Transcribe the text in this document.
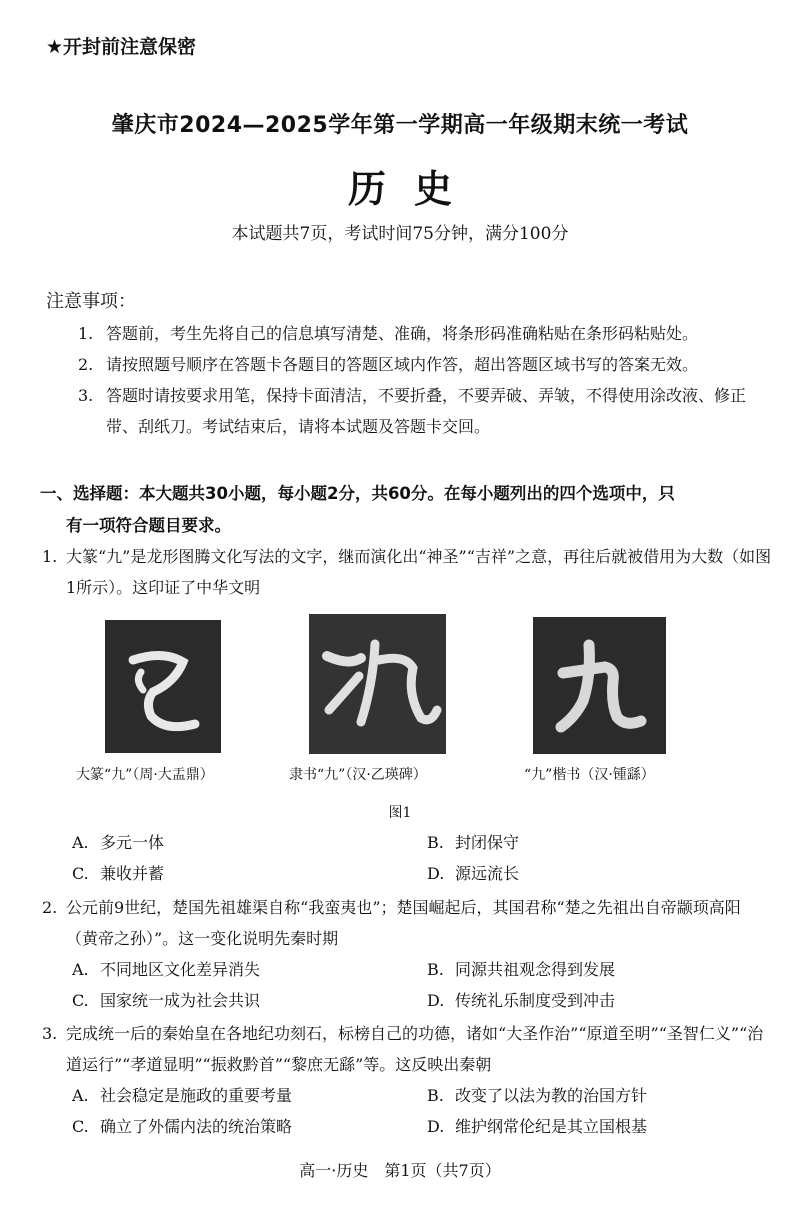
★开封前注意保密
肇庆市2024—2025学年第一学期高一年级期末统一考试
历史
本试题共7页，考试时间75分钟，满分100分
注意事项：
1. 答题前，考生先将自己的信息填写清楚、准确，将条形码准确粘贴在条形码粘贴处。
2. 请按照题号顺序在答题卡各题目的答题区域内作答，超出答题区域书写的答案无效。
3. 答题时请按要求用笔，保持卡面清洁，不要折叠，不要弄破、弄皱，不得使用涂改液、修正带、刮纸刀。考试结束后，请将本试题及答题卡交回。
一、选择题：本大题共30小题，每小题2分，共60分。在每小题列出的四个选项中，只
有一项符合题目要求。
1. 大篆“九”是龙形图腾文化写法的文字，继而演化出“神圣”“吉祥”之意，再往后就被借用为大数（如图1所示）。这印证了中华文明
大篆“九”（周·大盂鼎）	隶书“九”（汉·乙瑛碑）	“九”楷书（汉·锺繇）
图1
A. 多元一体	B. 封闭保守
C. 兼收并蓄	D. 源远流长
2. 公元前9世纪，楚国先祖雄渠自称“我蛮夷也”；楚国崛起后，其国君称“楚之先祖出自帝颛顼高阳（黄帝之孙）”。这一变化说明先秦时期
A. 不同地区文化差异消失	B. 同源共祖观念得到发展
C. 国家统一成为社会共识	D. 传统礼乐制度受到冲击
3. 完成统一后的秦始皇在各地纪功刻石，标榜自己的功德，诸如“大圣作治”“原道至明”“圣智仁义”“治道运行”“孝道显明”“振救黔首”“黎庶无繇”等。这反映出秦朝
A. 社会稳定是施政的重要考量	B. 改变了以法为教的治国方针
C. 确立了外儒内法的统治策略	D. 维护纲常伦纪是其立国根基
高一·历史　第1页（共7页）
